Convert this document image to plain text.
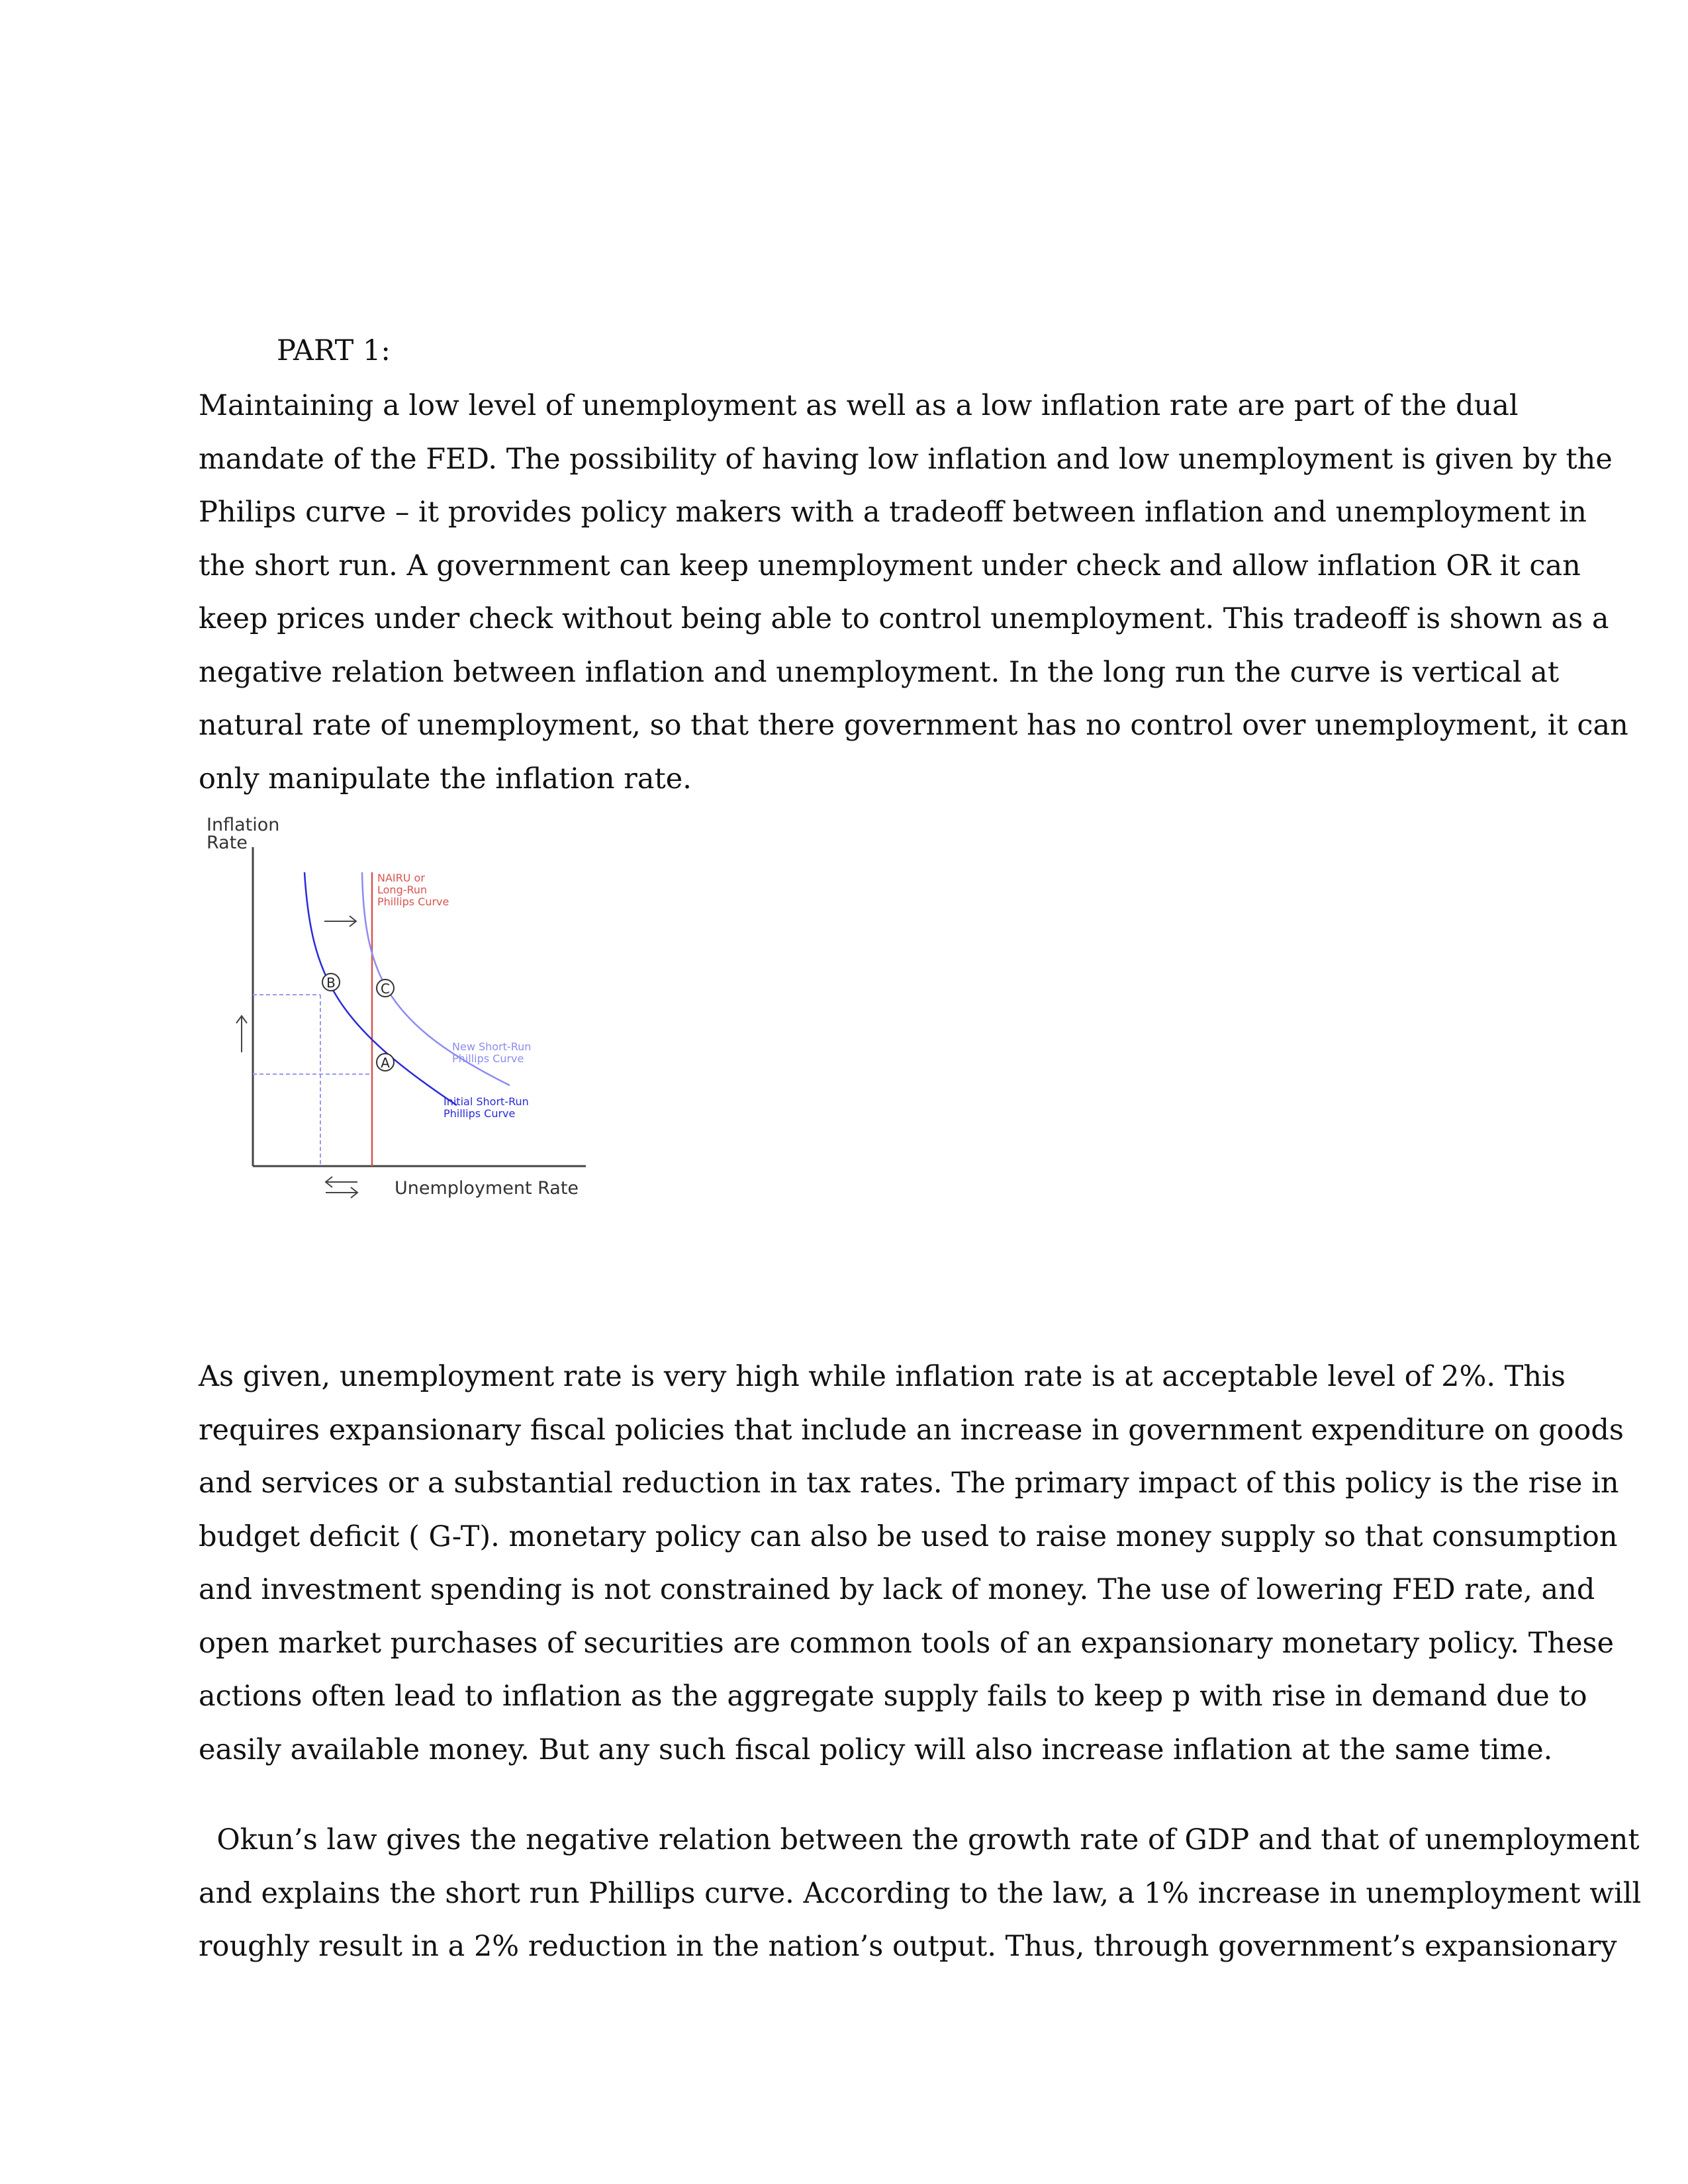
PART 1:
Maintaining a low level of unemployment as well as a low inflation rate are part of the dual
mandate of the FED. The possibility of having low inflation and low unemployment is given by the
Philips curve – it provides policy makers with a tradeoff between inflation and unemployment in
the short run. A government can keep unemployment under check and allow inflation OR it can
keep prices under check without being able to control unemployment. This tradeoff is shown as a
negative relation between inflation and unemployment. In the long run the curve is vertical at
natural rate of unemployment, so that there government has no control over unemployment, it can
only manipulate the inflation rate.
Inflation
Rate
B	C
A
NAIRU or
Long-Run
Phillips Curve
New Short-Run
Phillips Curve
Initial Short-Run
Phillips Curve
Unemployment Rate
As given, unemployment rate is very high while inflation rate is at acceptable level of 2%. This
requires expansionary fiscal policies that include an increase in government expenditure on goods
and services or a substantial reduction in tax rates. The primary impact of this policy is the rise in
budget deficit ( G-T). monetary policy can also be used to raise money supply so that consumption
and investment spending is not constrained by lack of money. The use of lowering FED rate, and
open market purchases of securities are common tools of an expansionary monetary policy. These
actions often lead to inflation as the aggregate supply fails to keep p with rise in demand due to
easily available money. But any such fiscal policy will also increase inflation at the same time.
Okun’s law gives the negative relation between the growth rate of GDP and that of unemployment
and explains the short run Phillips curve. According to the law, a 1% increase in unemployment will
roughly result in a 2% reduction in the nation’s output. Thus, through government’s expansionary
